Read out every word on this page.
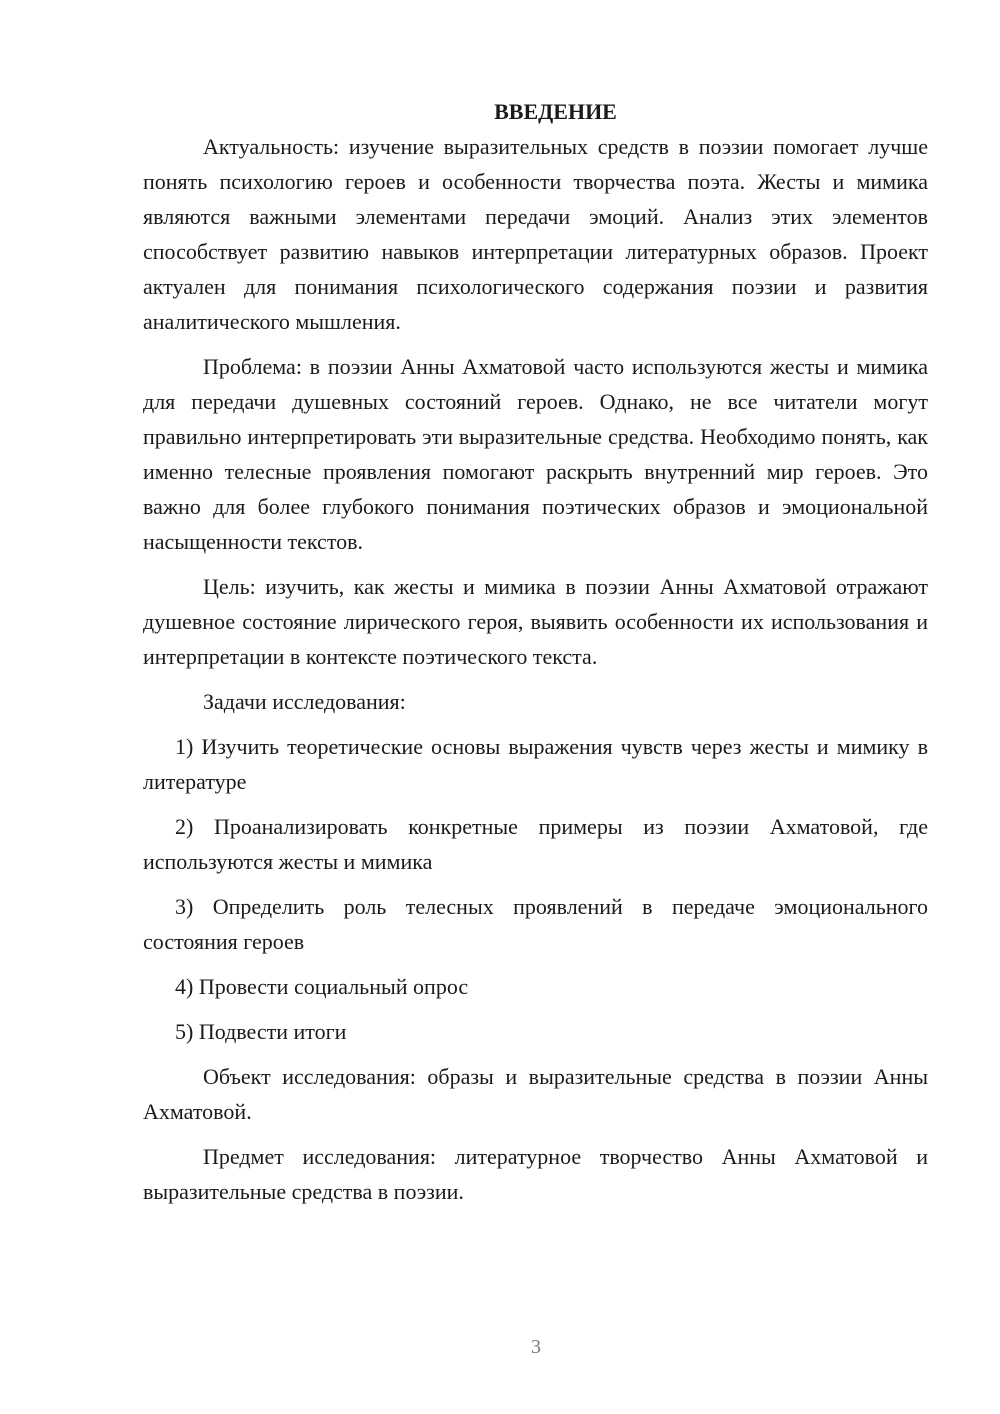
ВВЕДЕНИЕ

Актуальность: изучение выразительных средств в поэзии помогает лучше понять психологию героев и особенности творчества поэта. Жесты и мимика являются важными элементами передачи эмоций. Анализ этих элементов способствует развитию навыков интерпретации литературных образов. Проект актуален для понимания психологического содержания поэзии и развития аналитического мышления.

Проблема: в поэзии Анны Ахматовой часто используются жесты и мимика для передачи душевных состояний героев. Однако, не все читатели могут правильно интерпретировать эти выразительные средства. Необходимо понять, как именно телесные проявления помогают раскрыть внутренний мир героев. Это важно для более глубокого понимания поэтических образов и эмоциональной насыщенности текстов.

Цель: изучить, как жесты и мимика в поэзии Анны Ахматовой отражают душевное состояние лирического героя, выявить особенности их использования и интерпретации в контексте поэтического текста.

Задачи исследования:

1) Изучить теоретические основы выражения чувств через жесты и мимику в литературе

2) Проанализировать конкретные примеры из поэзии Ахматовой, где используются жесты и мимика

3) Определить роль телесных проявлений в передаче эмоционального состояния героев

4) Провести социальный опрос

5) Подвести итоги

Объект исследования: образы и выразительные средства в поэзии Анны Ахматовой.

Предмет исследования: литературное творчество Анны Ахматовой и выразительные средства в поэзии.

3
